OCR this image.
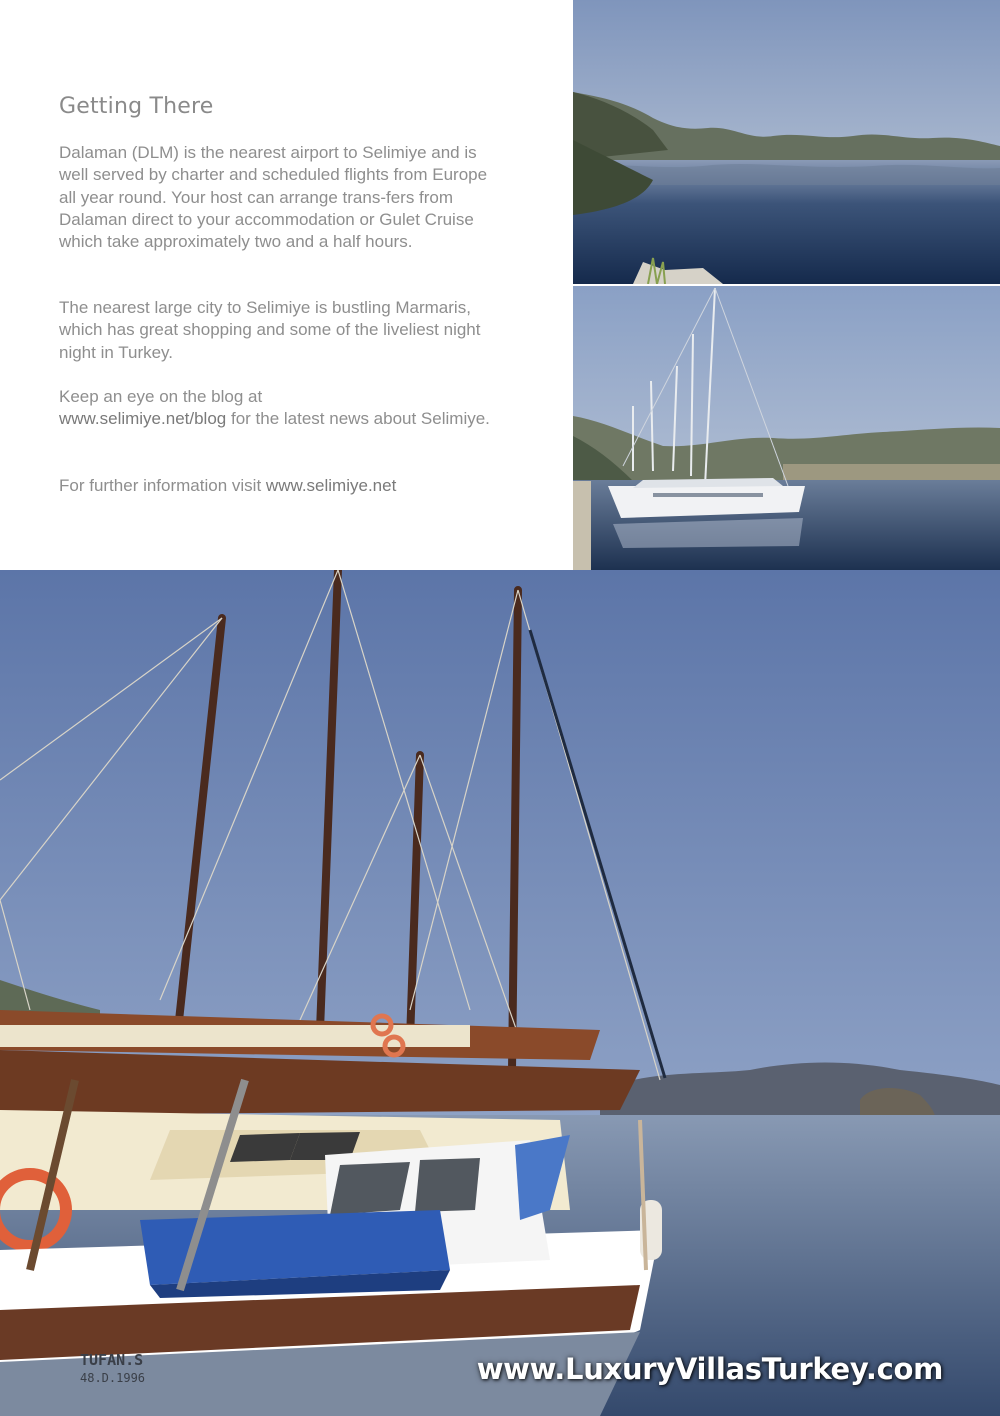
Getting There

Dalaman (DLM) is the nearest airport to Selimiye and is well served by charter and scheduled flights from Europe all year round. Your host can arrange trans-fers from Dalaman direct to your accommodation or Gulet Cruise which take approximately two and a half hours.

The nearest large city to Selimiye is bustling Marmaris, which has great shopping and some of the liveliest night night in Turkey.

Keep an eye on the blog at
www.selimiye.net/blog for the latest news about Selimiye.

For further information visit www.selimiye.net

TUFAN.S
48.D.1996	www.LuxuryVillasTurkey.com
